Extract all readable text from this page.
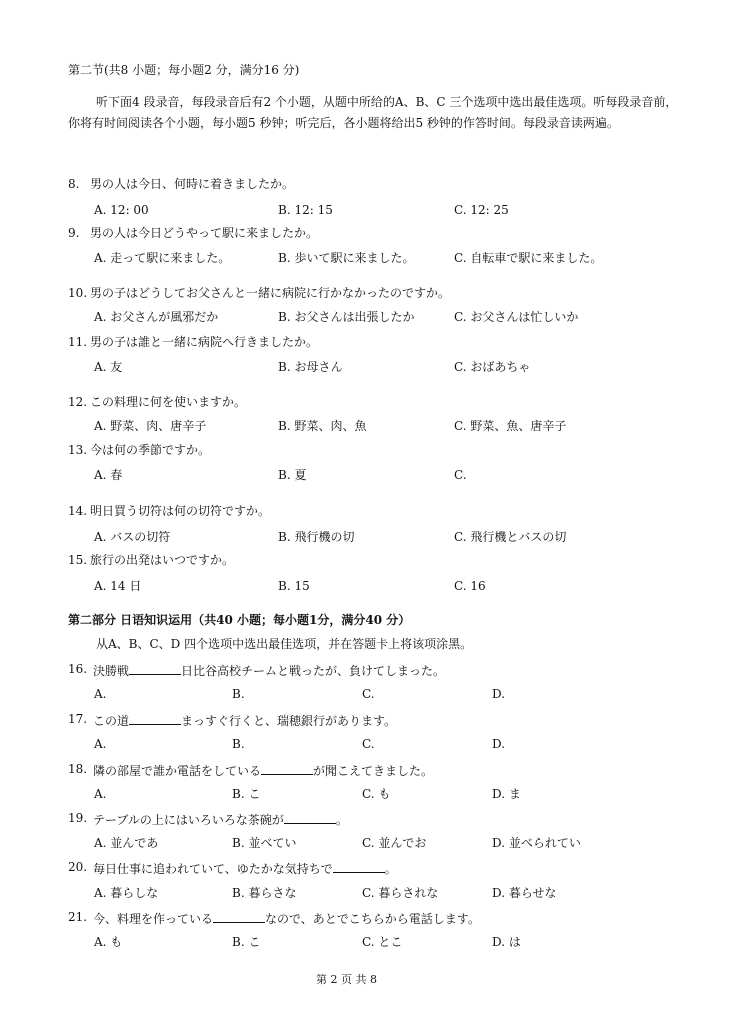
第二节(共8 小题；每小题2 分，满分16 分)
听下面4 段录音，每段录音后有2 个小题，从题中所给的A、B、C 三个选项中选出最佳选项。听每段录音前，你将有时间阅读各个小题，每小题5 秒钟；听完后，各小题将给出5 秒钟的作答时间。每段录音读两遍。
8. 男の人は今日、何時に着きましたか。
A. 12: 00	B. 12: 15	C. 12: 25
9. 男の人は今日どうやって駅に来ましたか。
A. 走って駅に来ました。	B. 歩いて駅に来ました。	C. 自転車で駅に来ました。
10. 男の子はどうしてお父さんと一緒に病院に行かなかったのですか。
A. お父さんが風邪だか	B. お父さんは出張したか	C. お父さんは忙しいか
11. 男の子は誰と一緒に病院へ行きましたか。
A. 友	B. お母さん	C. おばあちゃ
12. この料理に何を使いますか。
A. 野菜、肉、唐辛子	B. 野菜、肉、魚	C. 野菜、魚、唐辛子
13. 今は何の季節ですか。
A. 春	B. 夏	C.
14. 明日買う切符は何の切符ですか。
A. バスの切符	B. 飛行機の切	C. 飛行機とバスの切
15. 旅行の出発はいつですか。
A. 14 日	B. 15	C. 16
第二部分 日语知识运用（共40 小题；每小题1分，满分40 分）
从A、B、C、D 四个选项中选出最佳选项，并在答题卡上将该项涂黑。
16. 決勝戦	日比谷高校チームと戦ったが、負けてしまった。
A.	B.	C.	D.
17. この道	まっすぐ行くと、瑞穂銀行があります。
A.	B.	C.	D.
18. 隣の部屋で誰か電話をしている	が聞こえてきました。
A.	B. こ	C. も	D. ま
19. テーブルの上にはいろいろな茶碗が	。
A. 並んであ	B. 並べてい	C. 並んでお	D. 並べられてい
20. 毎日仕事に追われていて、ゆたかな気持ちで	。
A. 暮らしな	B. 暮らさな	C. 暮らされな	D. 暮らせな
21. 今、料理を作っている	なので、あとでこちらから電話します。
A. も	B. こ	C. とこ	D. は
第 2 页 共 8
